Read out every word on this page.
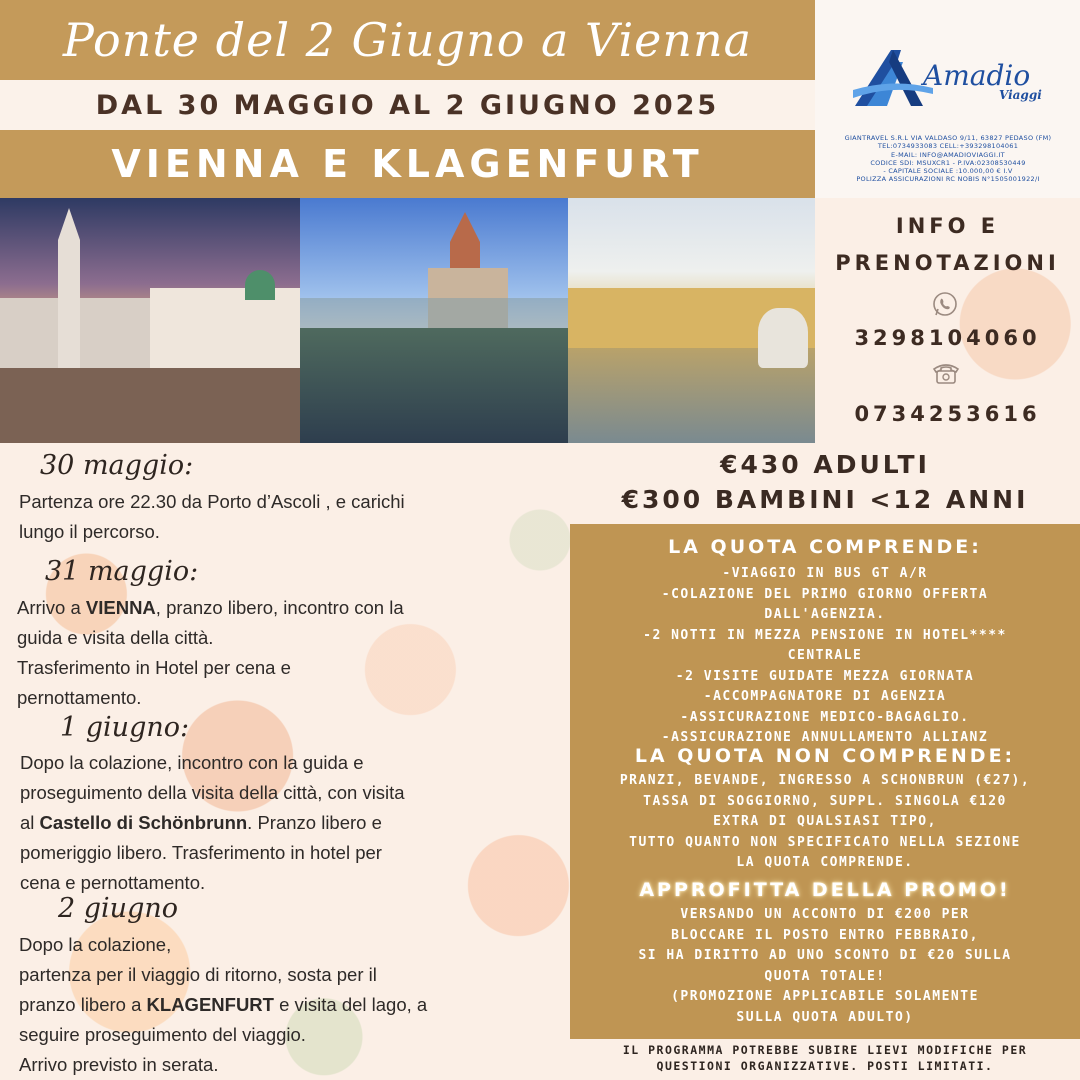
Ponte del 2 Giugno a Vienna
DAL 30 MAGGIO AL 2 GIUGNO 2025
VIENNA E KLAGENFURT
Amadio
Viaggi
GIANTRAVEL S.R.L VIA VALDASO 9/11, 63827 PEDASO (FM)
TEL:0734933083 CELL:+393298104061
E-MAIL: INFO@AMADIOVIAGGI.IT
CODICE SDI: MSUXCR1 - P.IVA:02308530449
- CAPITALE SOCIALE :10.000,00 € I.V
POLIZZA ASSICURAZIONI RC NOBIS N°1505001922/I
INFO E
PRENOTAZIONI
3298104060
0734253616
30 maggio:
Partenza ore 22.30 da Porto d’Ascoli , e carichi
lungo il percorso.
31 maggio:
Arrivo a VIENNA, pranzo libero, incontro con la
guida e visita della città.
Trasferimento in Hotel per cena e
pernottamento.
1 giugno:
Dopo la colazione, incontro con la guida e
proseguimento della visita della città, con visita
al Castello di Schönbrunn. Pranzo libero e
pomeriggio libero. Trasferimento in hotel per
cena e pernottamento.
2 giugno
Dopo la colazione,
partenza per il viaggio di ritorno, sosta per il
pranzo libero a KLAGENFURT e visita del lago, a
seguire proseguimento del viaggio.
Arrivo previsto in serata.
€430 ADULTI
€300 BAMBINI <12 ANNI
LA QUOTA COMPRENDE:
-VIAGGIO IN BUS GT A/R
-COLAZIONE DEL PRIMO GIORNO OFFERTA
DALL'AGENZIA.
-2 NOTTI IN MEZZA PENSIONE IN HOTEL****
CENTRALE
-2 VISITE GUIDATE MEZZA GIORNATA
-ACCOMPAGNATORE DI AGENZIA
-ASSICURAZIONE MEDICO-BAGAGLIO.
-ASSICURAZIONE ANNULLAMENTO ALLIANZ
LA QUOTA NON COMPRENDE:
PRANZI, BEVANDE, INGRESSO A SCHONBRUN (€27),
TASSA DI SOGGIORNO, SUPPL. SINGOLA €120
EXTRA DI QUALSIASI TIPO,
TUTTO QUANTO NON SPECIFICATO NELLA SEZIONE
LA QUOTA COMPRENDE.
APPROFITTA DELLA PROMO!
VERSANDO UN ACCONTO DI €200 PER
BLOCCARE IL POSTO ENTRO FEBBRAIO,
SI HA DIRITTO AD UNO SCONTO DI €20 SULLA
QUOTA TOTALE!
(PROMOZIONE APPLICABILE SOLAMENTE
SULLA QUOTA ADULTO)
IL PROGRAMMA POTREBBE SUBIRE LIEVI MODIFICHE PER
QUESTIONI ORGANIZZATIVE. POSTI LIMITATI.
